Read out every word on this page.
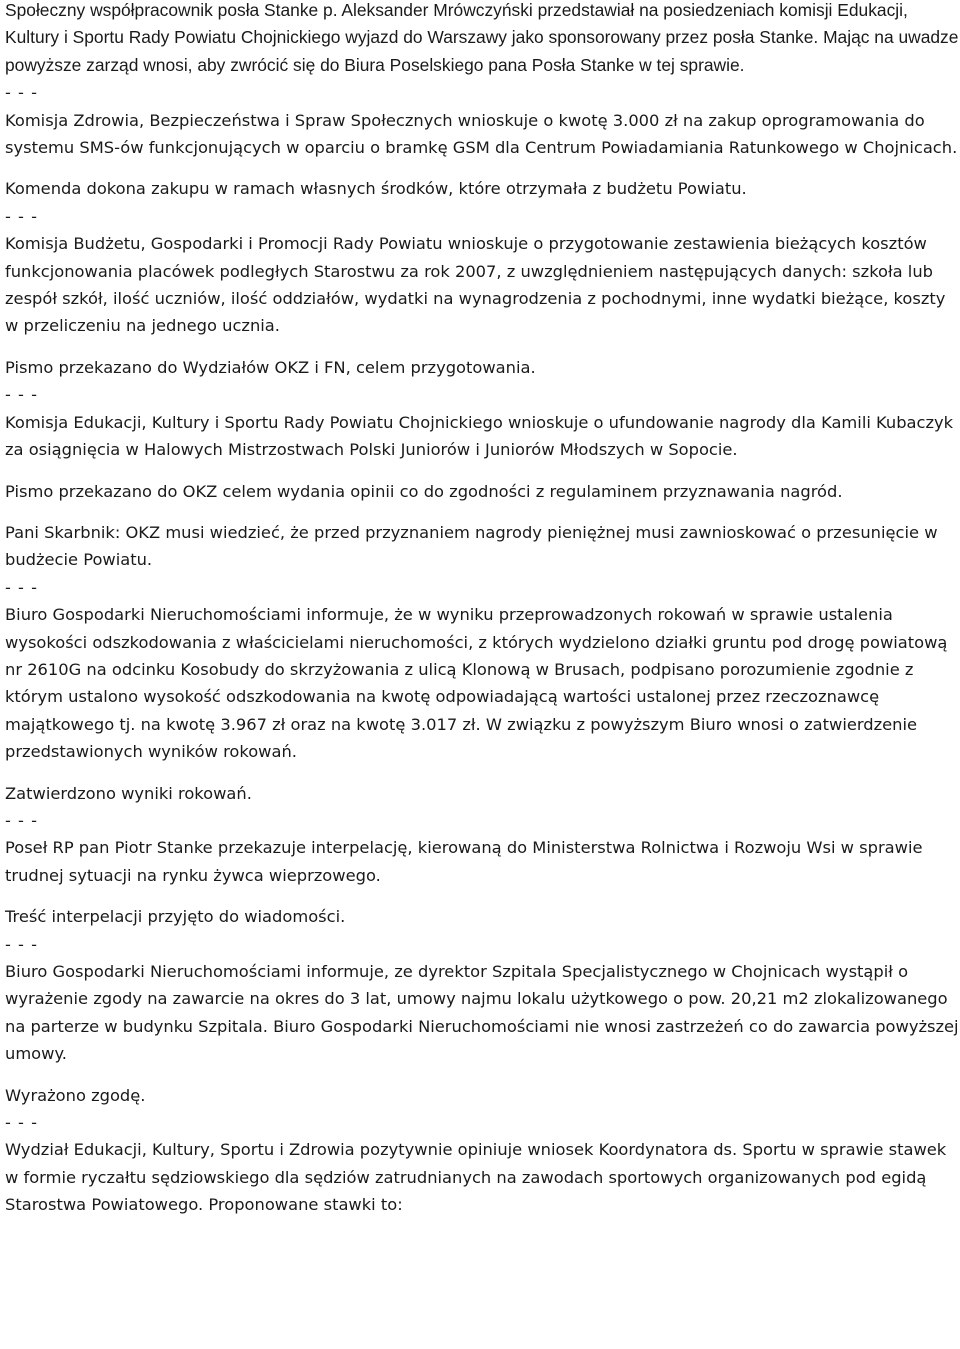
Społeczny współpracownik posła Stanke p. Aleksander Mrówczyński przedstawiał na posiedzeniach komisji Edukacji, Kultury i Sportu Rady Powiatu Chojnickiego wyjazd do Warszawy jako sponsorowany przez posła Stanke. Mając na uwadze powyższe zarząd wnosi, aby zwrócić się do Biura Poselskiego pana Posła Stanke w tej sprawie.

- - -

Komisja Zdrowia, Bezpieczeństwa i Spraw Społecznych wnioskuje o kwotę 3.000 zł na zakup oprogramowania do systemu SMS-ów funkcjonujących w oparciu o bramkę GSM dla Centrum Powiadamiania Ratunkowego w Chojnicach.

Komenda dokona zakupu w ramach własnych środków, które otrzymała z budżetu Powiatu.

- - -

Komisja Budżetu, Gospodarki i Promocji Rady Powiatu wnioskuje o przygotowanie zestawienia bieżących kosztów funkcjonowania placówek podległych Starostwu za rok 2007, z uwzględnieniem następujących danych: szkoła lub zespół szkół, ilość uczniów, ilość oddziałów, wydatki na wynagrodzenia z pochodnymi, inne wydatki bieżące, koszty w przeliczeniu na jednego ucznia.

Pismo przekazano do Wydziałów OKZ i FN, celem przygotowania.

- - -

Komisja Edukacji, Kultury i Sportu Rady Powiatu Chojnickiego wnioskuje o ufundowanie nagrody dla Kamili Kubaczyk za osiągnięcia w Halowych Mistrzostwach Polski Juniorów i Juniorów Młodszych w Sopocie.

Pismo przekazano do OKZ celem wydania opinii co do zgodności z regulaminem przyznawania nagród.

Pani Skarbnik: OKZ musi wiedzieć, że przed przyznaniem nagrody pieniężnej musi zawnioskować o przesunięcie w budżecie Powiatu.

- - -

Biuro Gospodarki Nieruchomościami informuje, że w wyniku przeprowadzonych rokowań w sprawie ustalenia wysokości odszkodowania z właścicielami nieruchomości, z których wydzielono działki gruntu pod drogę powiatową nr 2610G na odcinku Kosobudy do skrzyżowania z ulicą Klonową w Brusach, podpisano porozumienie zgodnie z którym ustalono wysokość odszkodowania na kwotę odpowiadającą wartości ustalonej przez rzeczoznawcę majątkowego tj. na kwotę 3.967 zł oraz na kwotę 3.017 zł. W związku z powyższym Biuro wnosi o zatwierdzenie przedstawionych wyników rokowań.

Zatwierdzono wyniki rokowań.

- - -

Poseł RP pan Piotr Stanke przekazuje interpelację, kierowaną do Ministerstwa Rolnictwa i Rozwoju Wsi w sprawie trudnej sytuacji na rynku żywca wieprzowego.

Treść interpelacji przyjęto do wiadomości.

- - -

Biuro Gospodarki Nieruchomościami informuje, ze dyrektor Szpitala Specjalistycznego w Chojnicach wystąpił o wyrażenie zgody na zawarcie na okres do 3 lat, umowy najmu lokalu użytkowego o pow. 20,21 m2 zlokalizowanego na parterze w budynku Szpitala. Biuro Gospodarki Nieruchomościami nie wnosi zastrzeżeń co do zawarcia powyższej umowy.

Wyrażono zgodę.

- - -

Wydział Edukacji, Kultury, Sportu i Zdrowia pozytywnie opiniuje wniosek Koordynatora ds. Sportu w sprawie stawek w formie ryczałtu sędziowskiego dla sędziów zatrudnianych na zawodach sportowych organizowanych pod egidą Starostwa Powiatowego. Proponowane stawki to:
